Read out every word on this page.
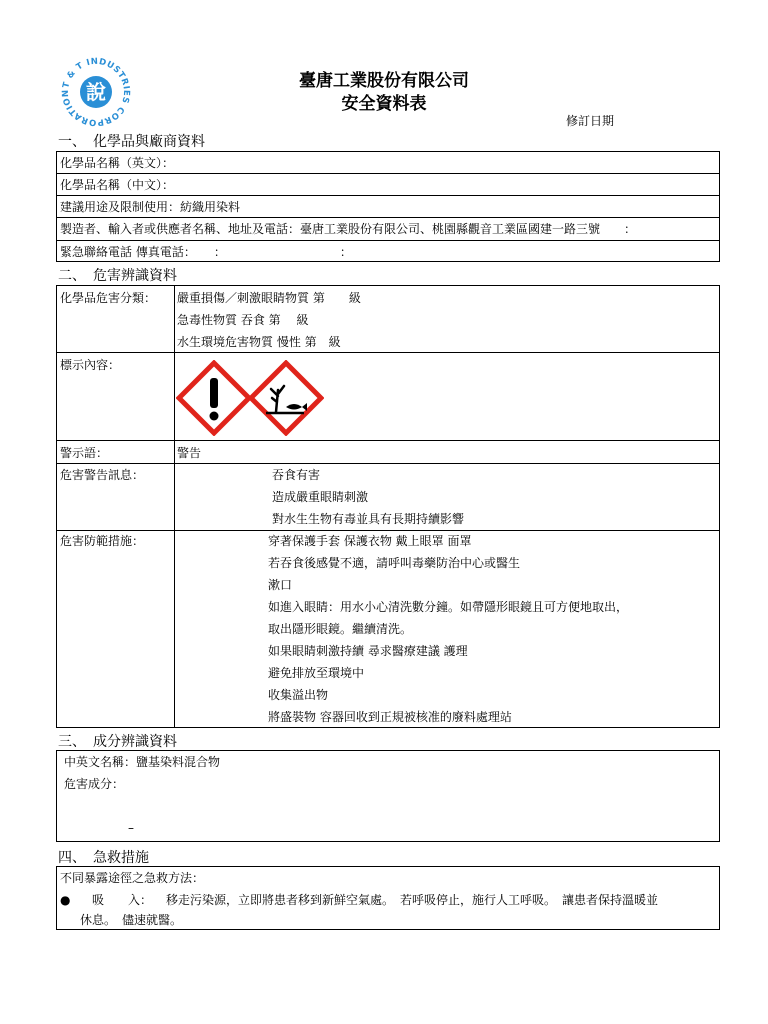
說
T & T INDUSTRIES CORPORATION
臺唐工業股份有限公司
安全資料表
修訂日期
一、　化學品與廠商資料
化學品名稱（英文）：
化學品名稱（中文）：
建議用途及限制使用：紡織用染料
製造者、輸入者或供應者名稱、地址及電話：臺唐工業股份有限公司、桃園縣觀音工業區國建一路三號　　：
緊急聯絡電話 傳真電話：　　：　　　　　　　　　　：
二、　危害辨識資料
化學品危害分類： 嚴重損傷／刺激眼睛物質 第　　級
急毒性物質 吞食 第　 級
水生環境危害物質 慢性 第　級
標示內容：
警示語：	警告
危害警告訊息：	吞食有害
造成嚴重眼睛刺激
對水生生物有毒並具有長期持續影響
危害防範措施：	穿著保護手套 保護衣物 戴上眼罩 面罩
若吞食後感覺不適，請呼叫毒藥防治中心或醫生
漱口
如進入眼睛：用水小心清洗數分鐘。如帶隱形眼鏡且可方便地取出，
取出隱形眼鏡。繼續清洗。
如果眼睛刺激持續 尋求醫療建議 護理
避免排放至環境中
收集溢出物
將盛裝物 容器回收到正規被核准的廢料處理站
三、　成分辨識資料
中英文名稱：鹽基染料混合物
危害成分：
–
四、　急救措施
不同暴露途徑之急救方法：
● 吸　　入： 移走污染源，立即將患者移到新鮮空氣處。　若呼吸停止，施行人工呼吸。　讓患者保持溫暖並
休息。　儘速就醫。
